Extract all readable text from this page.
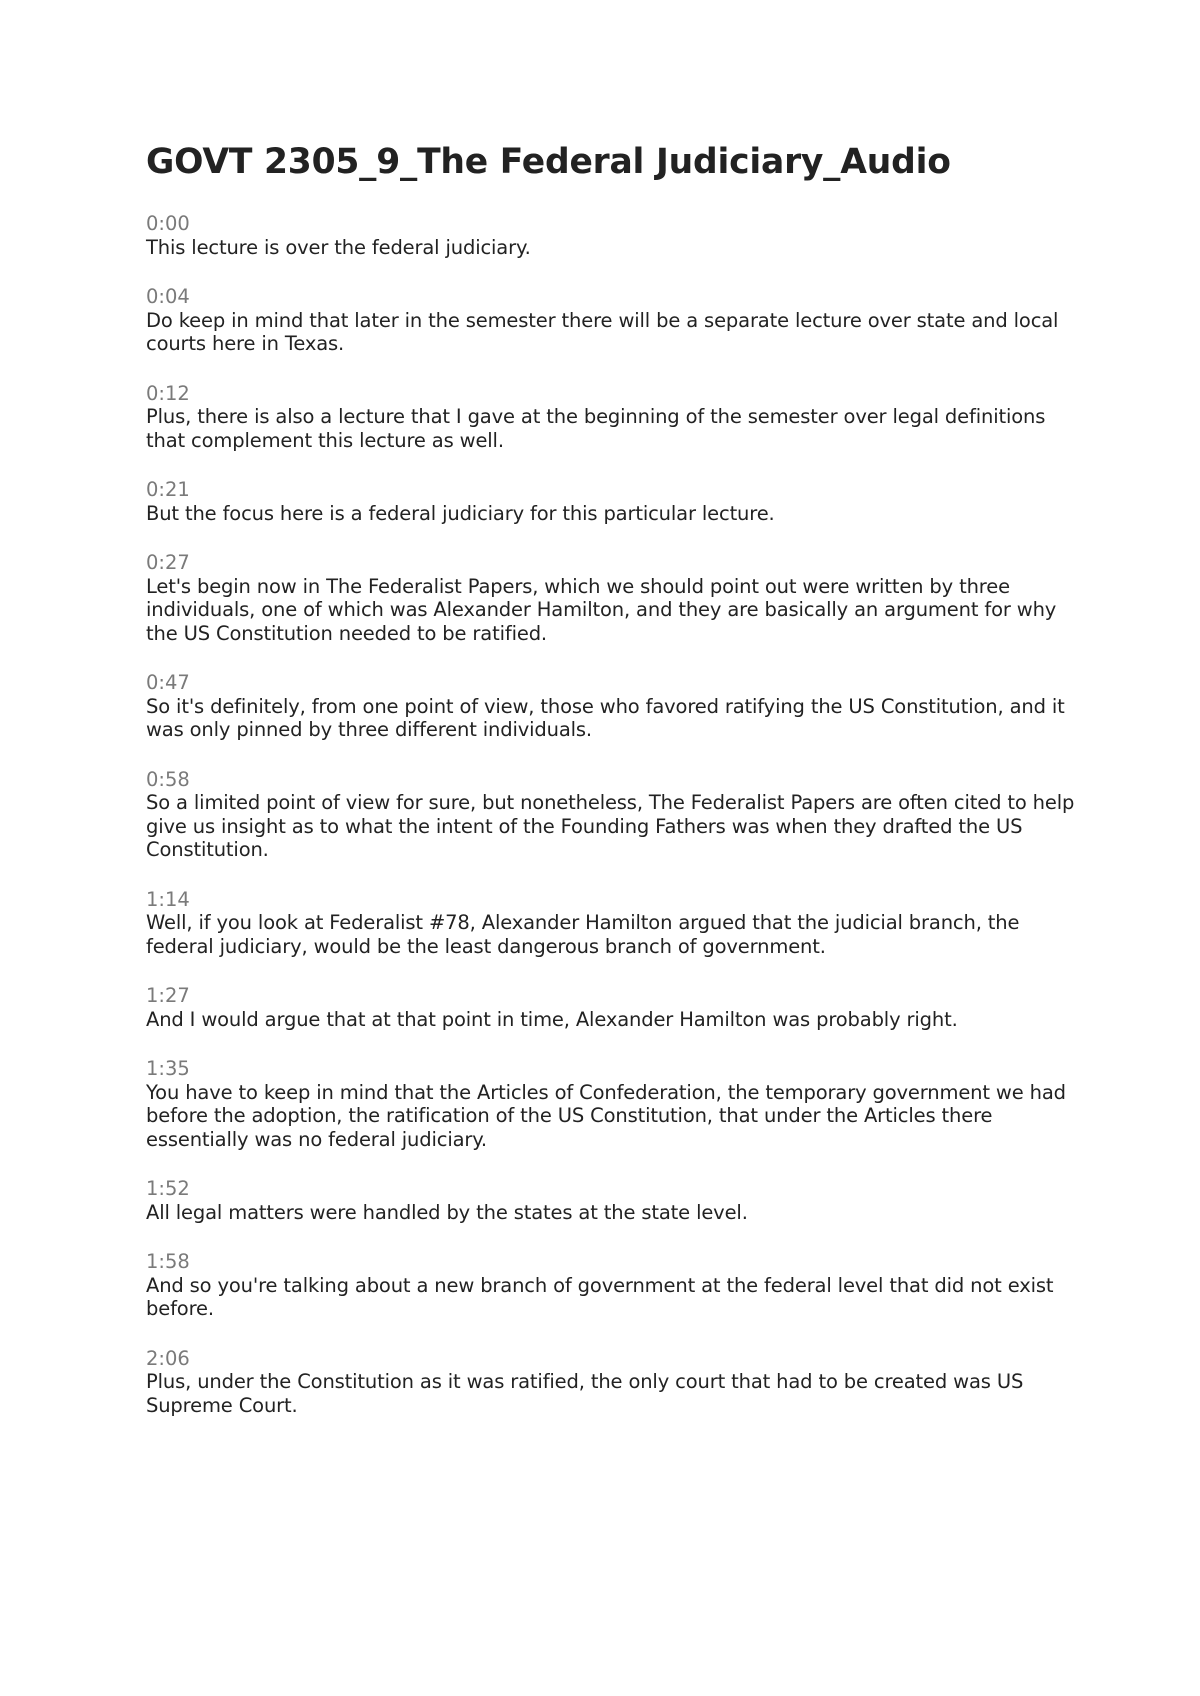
GOVT 2305_9_The Federal Judiciary_Audio
0:00
This lecture is over the federal judiciary.
0:04
Do keep in mind that later in the semester there will be a separate lecture over state and local courts here in Texas.
0:12
Plus, there is also a lecture that I gave at the beginning of the semester over legal definitions that complement this lecture as well.
0:21
But the focus here is a federal judiciary for this particular lecture.
0:27
Let's begin now in The Federalist Papers, which we should point out were written by three individuals, one of which was Alexander Hamilton, and they are basically an argument for why the US Constitution needed to be ratified.
0:47
So it's definitely, from one point of view, those who favored ratifying the US Constitution, and it was only pinned by three different individuals.
0:58
So a limited point of view for sure, but nonetheless, The Federalist Papers are often cited to help give us insight as to what the intent of the Founding Fathers was when they drafted the US Constitution.
1:14
Well, if you look at Federalist #78, Alexander Hamilton argued that the judicial branch, the federal judiciary, would be the least dangerous branch of government.
1:27
And I would argue that at that point in time, Alexander Hamilton was probably right.
1:35
You have to keep in mind that the Articles of Confederation, the temporary government we had before the adoption, the ratification of the US Constitution, that under the Articles there essentially was no federal judiciary.
1:52
All legal matters were handled by the states at the state level.
1:58
And so you're talking about a new branch of government at the federal level that did not exist before.
2:06
Plus, under the Constitution as it was ratified, the only court that had to be created was US Supreme Court.
